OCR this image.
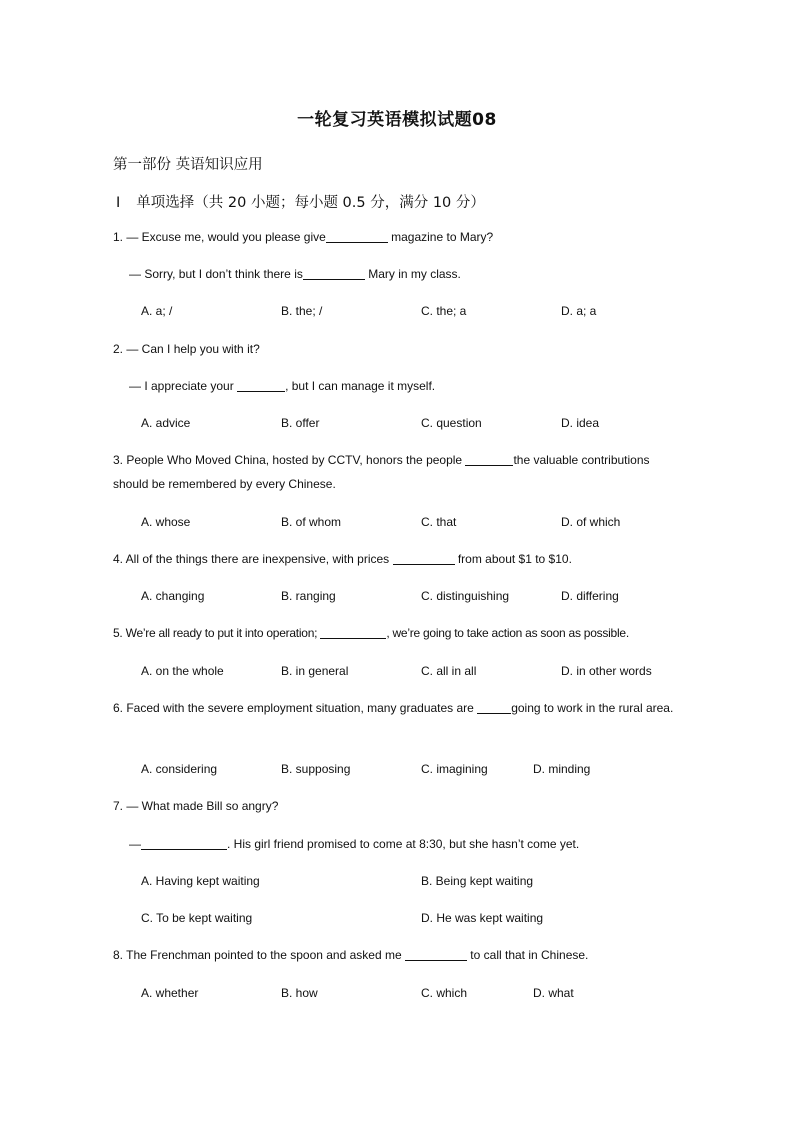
一轮复习英语模拟试题08
第一部份 英语知识应用
Ⅰ 单项选择（共 20 小题；每小题 0.5 分，满分 10 分）
1. — Excuse me, would you please give	magazine to Mary?
— Sorry, but I don’t think there is	Mary in my class.
A. a; /	B. the; /	C. the; a	D. a; a
2. — Can I help you with it?
— I appreciate your	, but I can manage it myself.
A. advice	B. offer	C. question	D. idea
3. People Who Moved China, hosted by CCTV, honors the people	the valuable contributions should be remembered by every Chinese.
A. whose	B. of whom	C. that	D. of which
4. All of the things there are inexpensive, with prices	from about $1 to $10.
A. changing	B. ranging	C. distinguishing	D. differing
5. We’re all ready to put it into operation;	, we’re going to take action as soon as possible.
A. on the whole	B. in general	C. all in all	D. in other words
6. Faced with the severe employment situation, many graduates are	going to work in the rural area.
A. considering	B. supposing	C. imagining	D. minding
7. — What made Bill so angry?
—	. His girl friend promised to come at 8:30, but she hasn’t come yet.
A. Having kept waiting	B. Being kept waiting
C. To be kept waiting	D. He was kept waiting
8. The Frenchman pointed to the spoon and asked me	to call that in Chinese.
A. whether	B. how	C. which	D. what
